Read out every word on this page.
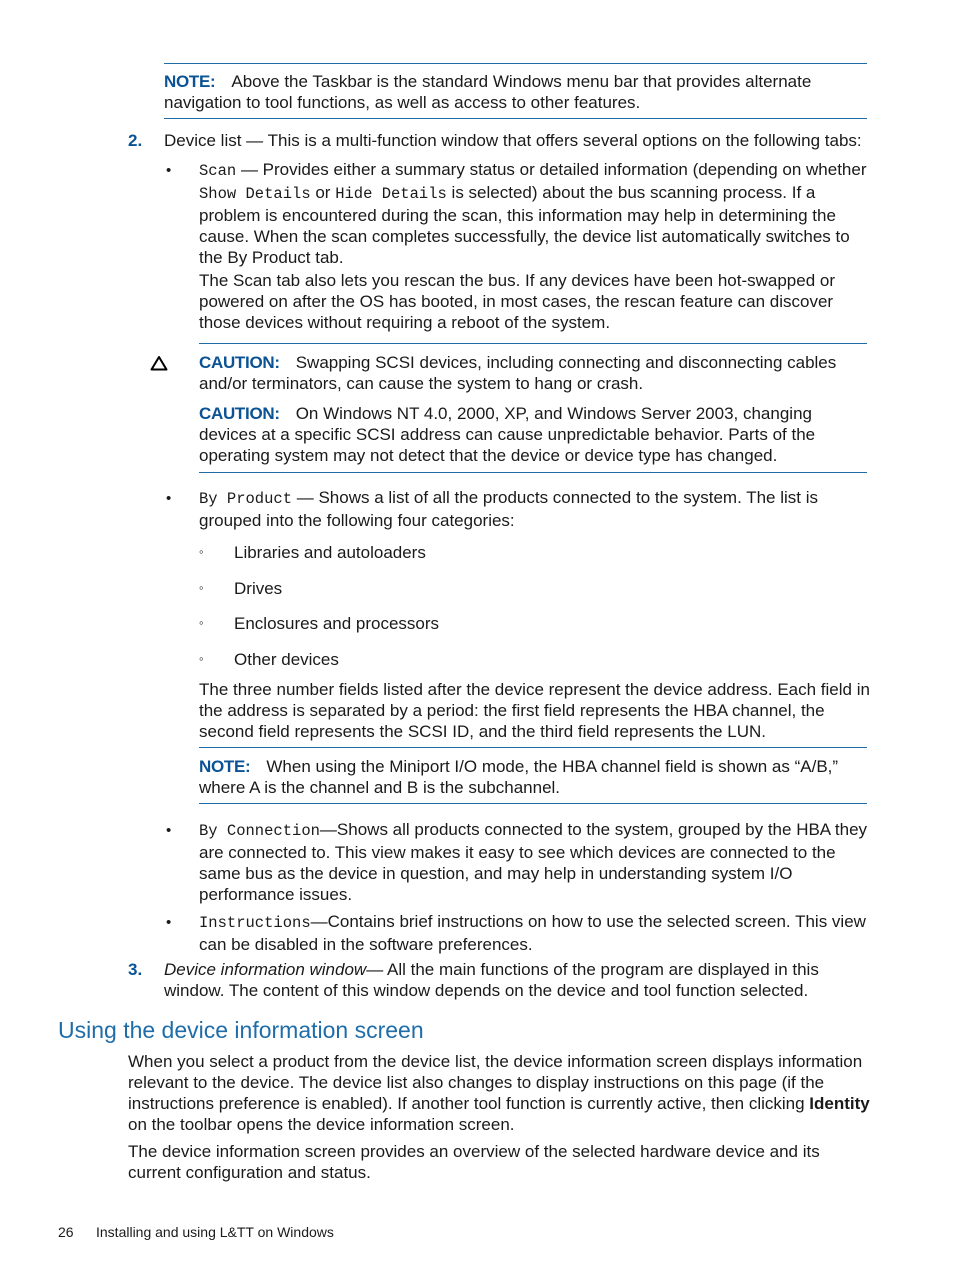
NOTE: Above the Taskbar is the standard Windows menu bar that provides alternate navigation to tool functions, as well as access to other features.

2. Device list — This is a multi-function window that offers several options on the following tabs:

• Scan — Provides either a summary status or detailed information (depending on whether Show Details or Hide Details is selected) about the bus scanning process. If a problem is encountered during the scan, this information may help in determining the cause. When the scan completes successfully, the device list automatically switches to the By Product tab.

The Scan tab also lets you rescan the bus. If any devices have been hot-swapped or powered on after the OS has booted, in most cases, the rescan feature can discover those devices without requiring a reboot of the system.

CAUTION: Swapping SCSI devices, including connecting and disconnecting cables and/or terminators, can cause the system to hang or crash.

CAUTION: On Windows NT 4.0, 2000, XP, and Windows Server 2003, changing devices at a specific SCSI address can cause unpredictable behavior. Parts of the operating system may not detect that the device or device type has changed.

• By Product — Shows a list of all the products connected to the system. The list is grouped into the following four categories:

◦ Libraries and autoloaders

◦ Drives

◦ Enclosures and processors

◦ Other devices

The three number fields listed after the device represent the device address. Each field in the address is separated by a period: the first field represents the HBA channel, the second field represents the SCSI ID, and the third field represents the LUN.

NOTE: When using the Miniport I/O mode, the HBA channel field is shown as “A/B,” where A is the channel and B is the subchannel.

• By Connection—Shows all products connected to the system, grouped by the HBA they are connected to. This view makes it easy to see which devices are connected to the same bus as the device in question, and may help in understanding system I/O performance issues.

• Instructions—Contains brief instructions on how to use the selected screen. This view can be disabled in the software preferences.

3. Device information window— All the main functions of the program are displayed in this window. The content of this window depends on the device and tool function selected.

Using the device information screen

When you select a product from the device list, the device information screen displays information relevant to the device. The device list also changes to display instructions on this page (if the instructions preference is enabled). If another tool function is currently active, then clicking Identity on the toolbar opens the device information screen.

The device information screen provides an overview of the selected hardware device and its current configuration and status.

26 Installing and using L&TT on Windows
